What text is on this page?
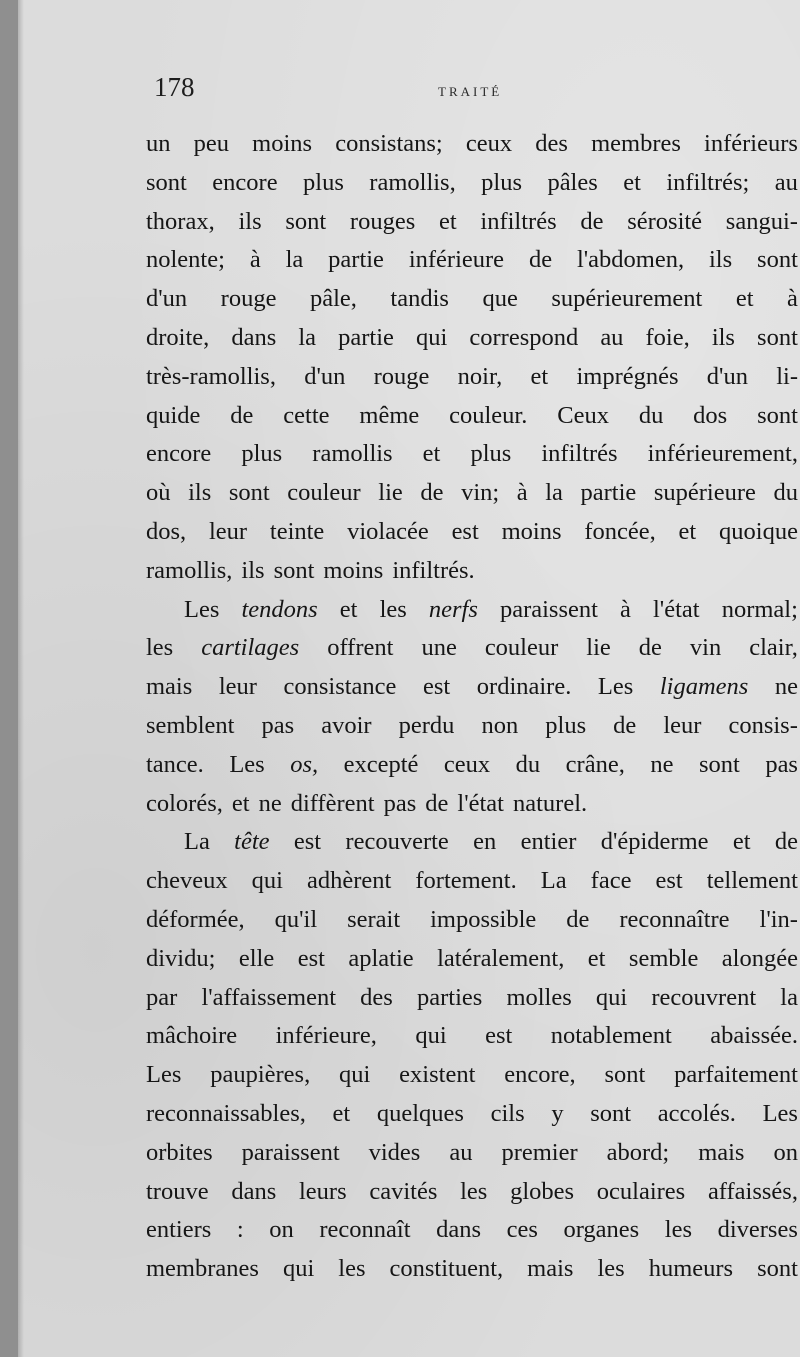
178	TRAITÉ
un peu moins consistans; ceux des membres inférieurs
sont encore plus ramollis, plus pâles et infiltrés; au
thorax, ils sont rouges et infiltrés de sérosité sangui-
nolente; à la partie inférieure de l'abdomen, ils sont
d'un rouge pâle, tandis que supérieurement et à
droite, dans la partie qui correspond au foie, ils sont
très-ramollis, d'un rouge noir, et imprégnés d'un li-
quide de cette même couleur. Ceux du dos sont
encore plus ramollis et plus infiltrés inférieurement,
où ils sont couleur lie de vin; à la partie supérieure du
dos, leur teinte violacée est moins foncée, et quoique
ramollis, ils sont moins infiltrés.
Les tendons et les nerfs paraissent à l'état normal;
les cartilages offrent une couleur lie de vin clair,
mais leur consistance est ordinaire. Les ligamens ne
semblent pas avoir perdu non plus de leur consis-
tance. Les os, excepté ceux du crâne, ne sont pas
colorés, et ne diffèrent pas de l'état naturel.
La tête est recouverte en entier d'épiderme et de
cheveux qui adhèrent fortement. La face est tellement
déformée, qu'il serait impossible de reconnaître l'in-
dividu; elle est aplatie latéralement, et semble alongée
par l'affaissement des parties molles qui recouvrent la
mâchoire inférieure, qui est notablement abaissée.
Les paupières, qui existent encore, sont parfaitement
reconnaissables, et quelques cils y sont accolés. Les
orbites paraissent vides au premier abord; mais on
trouve dans leurs cavités les globes oculaires affaissés,
entiers : on reconnaît dans ces organes les diverses
membranes qui les constituent, mais les humeurs sont
